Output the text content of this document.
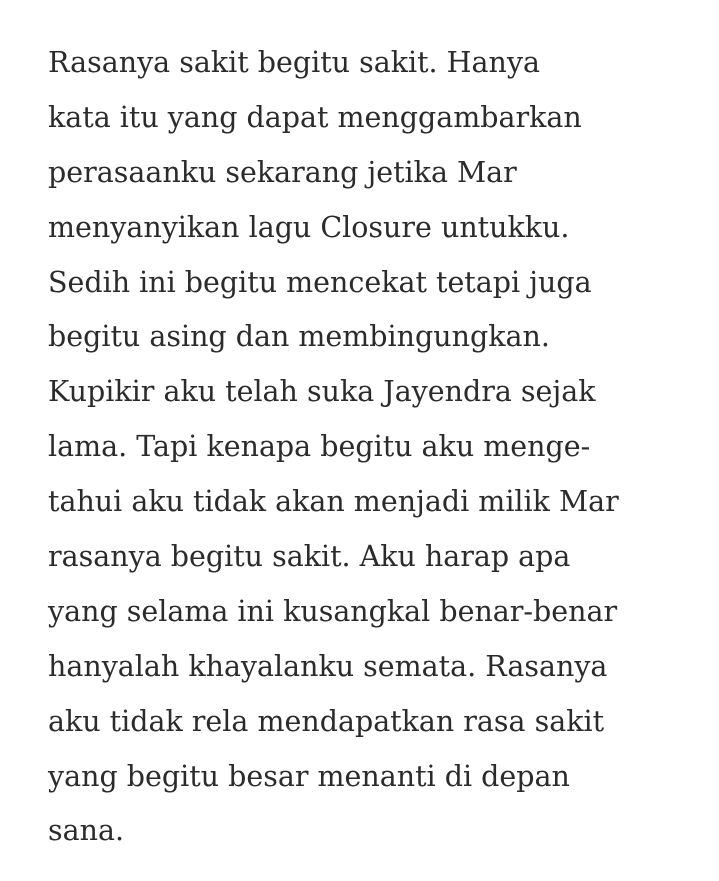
Rasanya sakit begitu sakit. Hanya
kata itu yang dapat menggambarkan
perasaanku sekarang jetika Mar
menyanyikan lagu Closure untukku.
Sedih ini begitu mencekat tetapi juga
begitu asing dan membingungkan.
Kupikir aku telah suka Jayendra sejak
lama. Tapi kenapa begitu aku menge-
tahui aku tidak akan menjadi milik Mar
rasanya begitu sakit. Aku harap apa
yang selama ini kusangkal benar-benar
hanyalah khayalanku semata. Rasanya
aku tidak rela mendapatkan rasa sakit
yang begitu besar menanti di depan
sana.
